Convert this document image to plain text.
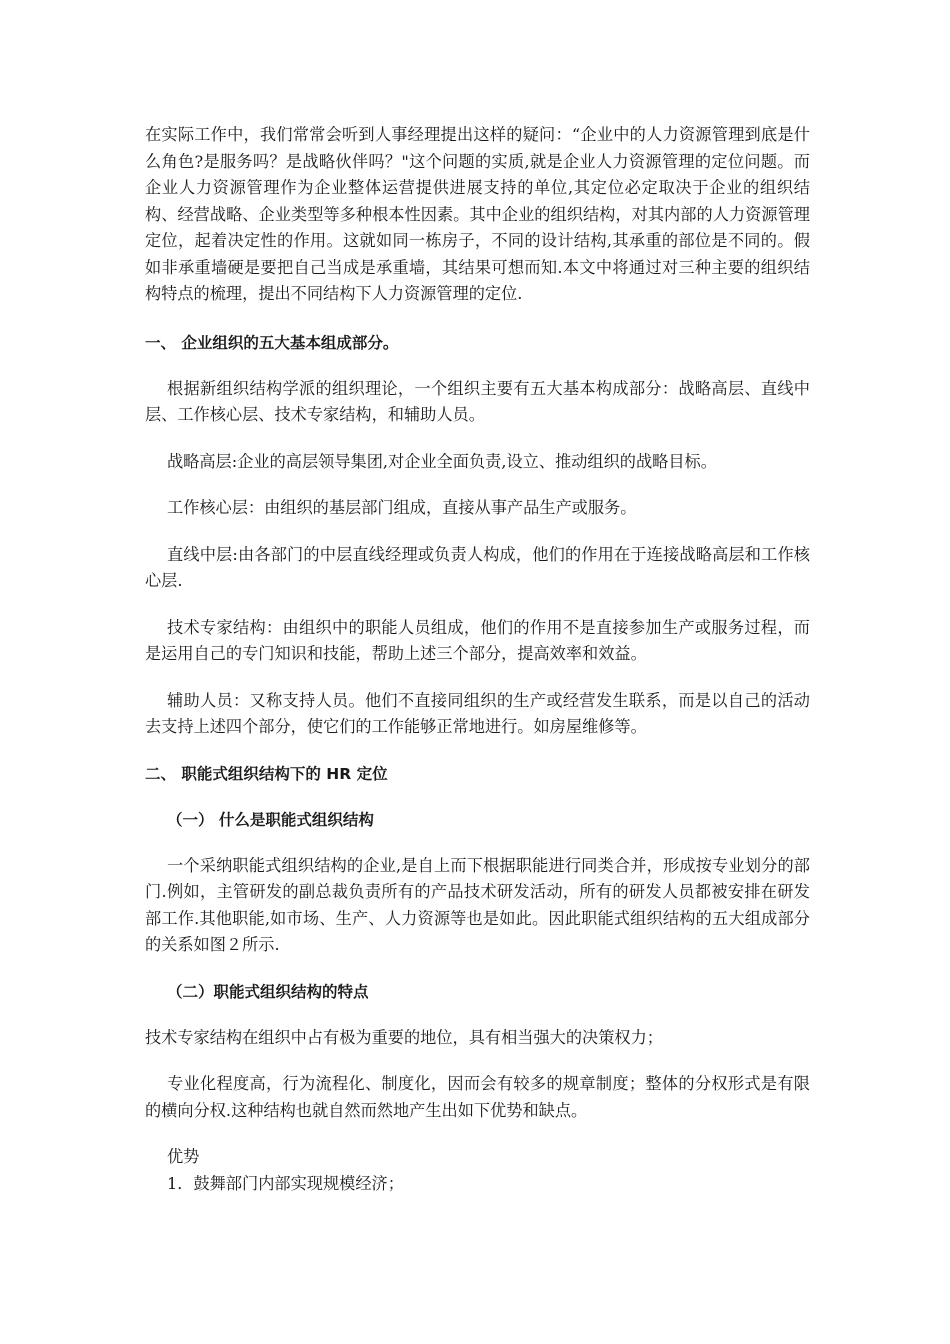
在实际工作中，我们常常会听到人事经理提出这样的疑问：“企业中的人力资源管理到底是什么角色?是服务吗？是战略伙伴吗？"这个问题的实质,就是企业人力资源管理的定位问题。而企业人力资源管理作为企业整体运营提供进展支持的单位,其定位必定取决于企业的组织结构、经营战略、企业类型等多种根本性因素。其中企业的组织结构，对其内部的人力资源管理定位，起着决定性的作用。这就如同一栋房子，不同的设计结构,其承重的部位是不同的。假如非承重墙硬是要把自己当成是承重墙，其结果可想而知.本文中将通过对三种主要的组织结构特点的梳理，提出不同结构下人力资源管理的定位.

一、 企业组织的五大基本组成部分。

根据新组织结构学派的组织理论，一个组织主要有五大基本构成部分：战略高层、直线中层、工作核心层、技术专家结构，和辅助人员。

战略高层:企业的高层领导集团,对企业全面负责,设立、推动组织的战略目标。

工作核心层：由组织的基层部门组成，直接从事产品生产或服务。

直线中层:由各部门的中层直线经理或负责人构成，他们的作用在于连接战略高层和工作核心层.

技术专家结构：由组织中的职能人员组成，他们的作用不是直接参加生产或服务过程，而是运用自己的专门知识和技能，帮助上述三个部分，提高效率和效益。

辅助人员：又称支持人员。他们不直接同组织的生产或经营发生联系，而是以自己的活动去支持上述四个部分，使它们的工作能够正常地进行。如房屋维修等。

二、 职能式组织结构下的 HR 定位
（一） 什么是职能式组织结构

一个采纳职能式组织结构的企业,是自上而下根据职能进行同类合并，形成按专业划分的部门.例如，主管研发的副总裁负责所有的产品技术研发活动，所有的研发人员都被安排在研发部工作.其他职能,如市场、生产、人力资源等也是如此。因此职能式组织结构的五大组成部分的关系如图２所示.

（二）职能式组织结构的特点

技术专家结构在组织中占有极为重要的地位，具有相当强大的决策权力；

专业化程度高，行为流程化、制度化，因而会有较多的规章制度；整体的分权形式是有限的横向分权.这种结构也就自然而然地产生出如下优势和缺点。

优势

1．鼓舞部门内部实现规模经济；
